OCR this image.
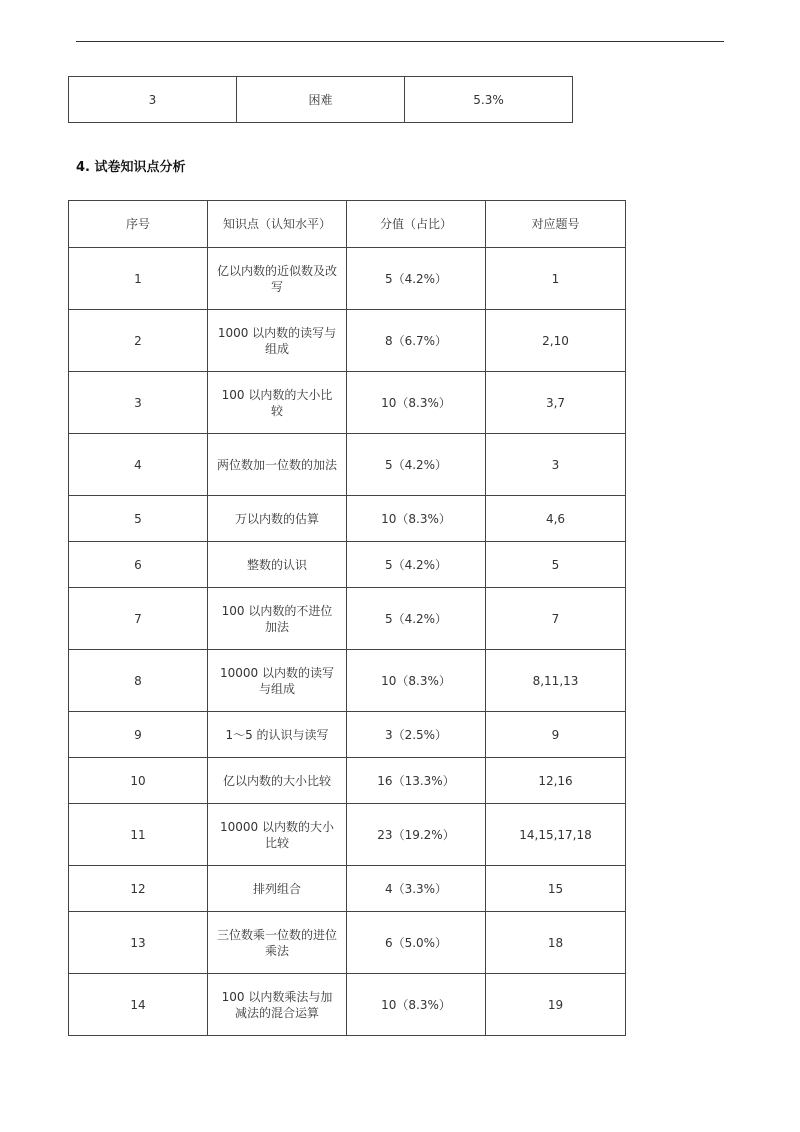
3	困难	5.3%
4. 试卷知识点分析
序号	知识点（认知水平）	分值（占比）	对应题号
1	亿以内数的近似数及改写	5（4.2%）	1
2	1000 以内数的读写与组成	8（6.7%）	2,10
3	100 以内数的大小比较	10（8.3%）	3,7
4	两位数加一位数的加法	5（4.2%）	3
5	万以内数的估算	10（8.3%）	4,6
6	整数的认识	5（4.2%）	5
7	100 以内数的不进位加法	5（4.2%）	7
8	10000 以内数的读写与组成	10（8.3%）	8,11,13
9	1～5 的认识与读写	3（2.5%）	9
10	亿以内数的大小比较	16（13.3%）	12,16
11	10000 以内数的大小比较	23（19.2%）	14,15,17,18
12	排列组合	4（3.3%）	15
13	三位数乘一位数的进位乘法	6（5.0%）	18
14	100 以内数乘法与加减法的混合运算	10（8.3%）	19
